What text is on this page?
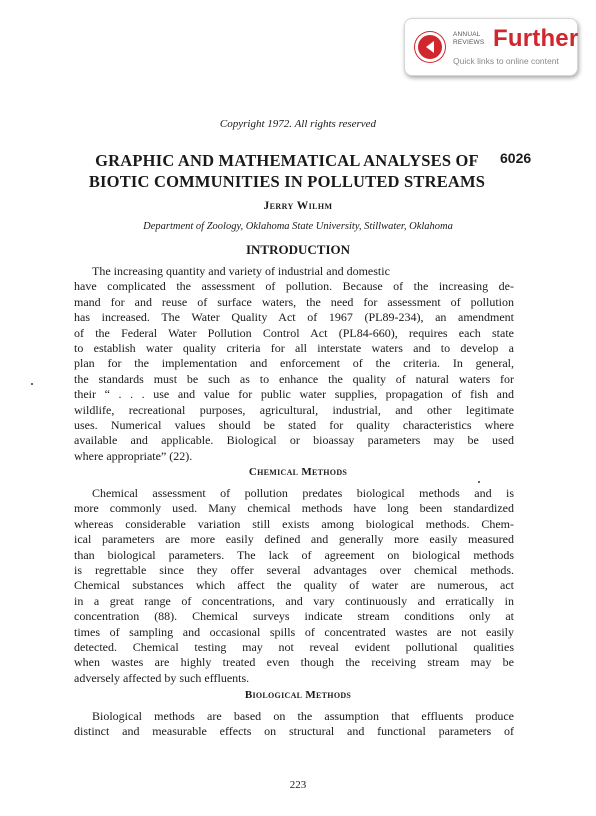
ANNUAL
REVIEWS Further
Quick links to online content
Copyright 1972. All rights reserved
GRAPHIC AND MATHEMATICAL ANALYSES OF BIOTIC COMMUNITIES IN POLLUTED STREAMS
6026
Jerry Wilhm
Department of Zoology, Oklahoma State University, Stillwater, Oklahoma
INTRODUCTION
The increasing quantity and variety of industrial and domestic
have complicated the assessment of pollution. Because of the increasing de-
mand for and reuse of surface waters, the need for assessment of pollution
has increased. The Water Quality Act of 1967 (PL89-234), an amendment
of the Federal Water Pollution Control Act (PL84-660), requires each state
to establish water quality criteria for all interstate waters and to develop a
plan for the implementation and enforcement of the criteria. In general,
the standards must be such as to enhance the quality of natural waters for
their “ . . . use and value for public water supplies, propagation of fish and
wildlife, recreational purposes, agricultural, industrial, and other legitimate
uses. Numerical values should be stated for quality characteristics where
available and applicable. Biological or bioassay parameters may be used
where appropriate” (22).
Chemical Methods
Chemical assessment of pollution predates biological methods and is
more commonly used. Many chemical methods have long been standardized
whereas considerable variation still exists among biological methods. Chem-
ical parameters are more easily defined and generally more easily measured
than biological parameters. The lack of agreement on biological methods
is regrettable since they offer several advantages over chemical methods.
Chemical substances which affect the quality of water are numerous, act
in a great range of concentrations, and vary continuously and erratically in
concentration (88). Chemical surveys indicate stream conditions only at
times of sampling and occasional spills of concentrated wastes are not easily
detected. Chemical testing may not reveal evident pollutional qualities
when wastes are highly treated even though the receiving stream may be
adversely affected by such effluents.
Biological Methods
Biological methods are based on the assumption that effluents produce
distinct and measurable effects on structural and functional parameters of
223
